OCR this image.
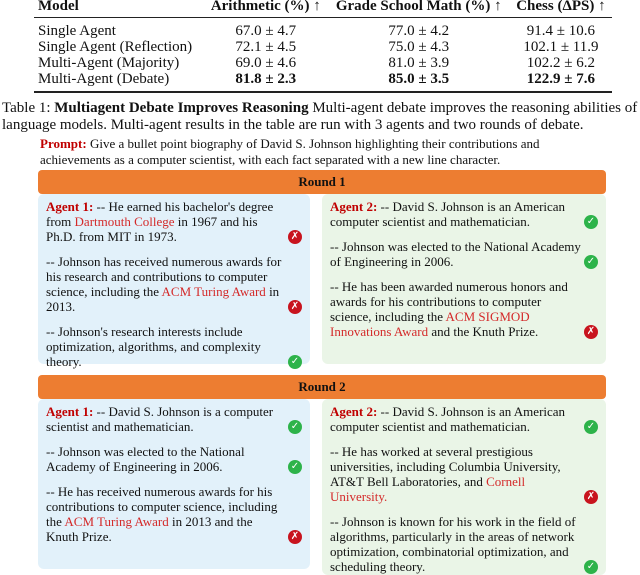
Model	Arithmetic (%) ↑	Grade School Math (%) ↑	Chess (ΔPS) ↑
Single Agent	67.0 ± 4.7	77.0 ± 4.2	91.4 ± 10.6
Single Agent (Reflection)	72.1 ± 4.5	75.0 ± 4.3	102.1 ± 11.9
Multi-Agent (Majority)	69.0 ± 4.6	81.0 ± 3.9	102.2 ± 6.2
Multi-Agent (Debate)	81.8 ± 2.3	85.0 ± 3.5	122.9 ± 7.6
Table 1: Multiagent Debate Improves Reasoning Multi-agent debate improves the reasoning abilities of
language models. Multi-agent results in the table are run with 3 agents and two rounds of debate.
Prompt: Give a bullet point biography of David S. Johnson highlighting their contributions and achievements as a computer scientist, with each fact separated with a new line character.
Round 1
Agent 1: -- He earned his bachelor's degree from Dartmouth College in 1967 and his Ph.D. from MIT in 1973.	✗
-- Johnson has received numerous awards for his research and contributions to computer science, including the ACM Turing Award in 2013.	✗
-- Johnson's research interests include optimization, algorithms, and complexity theory.	✓
Agent 2: -- David S. Johnson is an American computer scientist and mathematician.	✓
-- Johnson was elected to the National Academy of Engineering in 2006.	✓
-- He has been awarded numerous honors and awards for his contributions to computer science, including the ACM SIGMOD Innovations Award and the Knuth Prize.	✗
Round 2
Agent 1: -- David S. Johnson is a computer scientist and mathematician.	✓
-- Johnson was elected to the National Academy of Engineering in 2006.	✓
-- He has received numerous awards for his contributions to computer science, including the ACM Turing Award in 2013 and the Knuth Prize.	✗
Agent 2: -- David S. Johnson is an American computer scientist and mathematician.	✓
-- He has worked at several prestigious universities, including Columbia University, AT&T Bell Laboratories, and Cornell University.	✗
-- Johnson is known for his work in the field of algorithms, particularly in the areas of network optimization, combinatorial optimization, and scheduling theory.	✓
